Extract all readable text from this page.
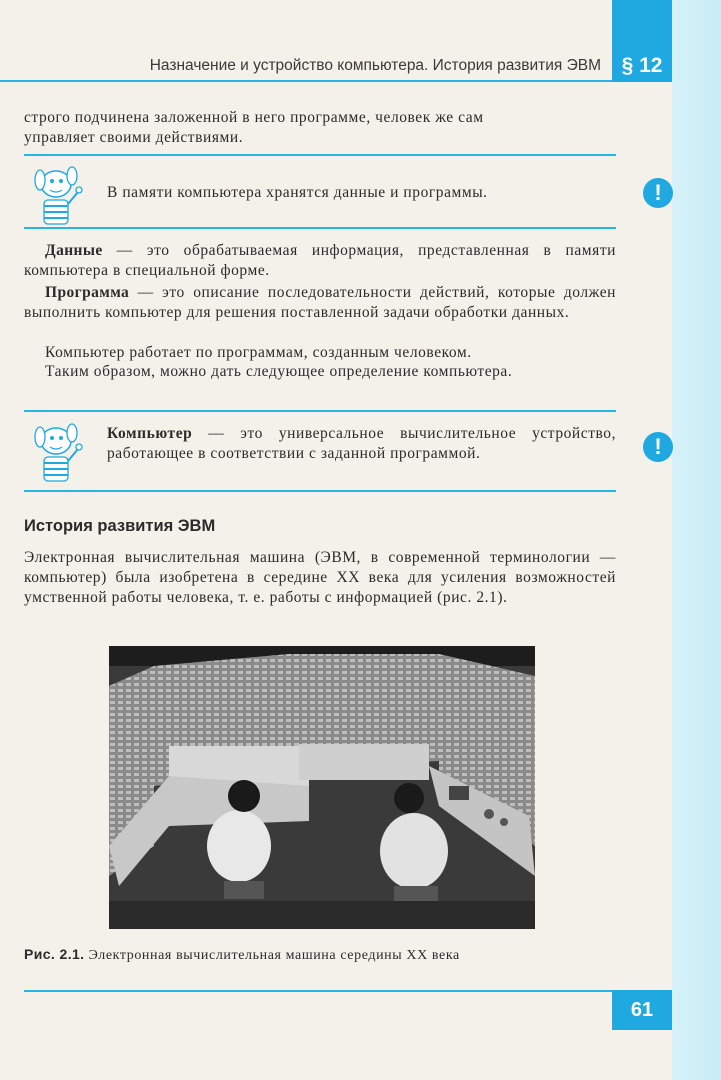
Назначение и устройство компьютера. История развития ЭВМ § 12
строго подчинена заложенной в него программе, человек же сам
управляет своими действиями.
В памяти компьютера хранятся данные и программы.	!
Данные — это обрабатываемая информация, представленная в памяти компьютера в специальной форме.
Программа — это описание последовательности действий, которые должен выполнить компьютер для решения поставленной задачи обработки данных.
Компьютер работает по программам, созданным человеком.
Таким образом, можно дать следующее определение компьютера.
Компьютер — это универсальное вычислительное устройство, работающее в соответствии с заданной программой.	!
История развития ЭВМ
Электронная вычислительная машина (ЭВМ, в современной терминологии — компьютер) была изобретена в середине XX века для усиления возможностей умственной работы человека, т. е. работы с информацией (рис. 2.1).
Рис. 2.1. Электронная вычислительная машина середины XX века
61
